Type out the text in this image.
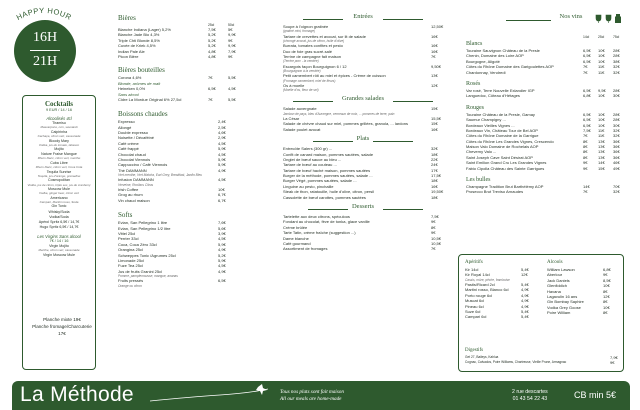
HAPPY HOUR
16H
21H
Cocktails
9 EUR / 14 / 16
Alcoolisés 4cl
Tiramisu
Mascarpone, rum, savoiardi
Caipirinha
Cachaça, citron vert, cassonade
Bloody Mary
Vodka, jus de tomate, tabasco
Mojito
Nature Fraise Mangue
Rhum blanc, citron vert, menthe
Cuba Libre
Rhum blanc, citron vert, Coca Cola
Tequila Sunrise
Tequila, jus d'orange, grenadine
Cosmopolitan
Vodka, jus de citron, triple sec, jus de cranberry
Moscow Mule
Vodka, ginger beer, citron vert
Americano
Campari, Martini rosso, Soda
Gin Tonic
Whisky/Soda
Vodka/Soda
Apérol Spritz 6,5€ / 14,7€
Hugo Spritz 6,5€ / 14,7€
Les Virgins Sans alcool
7€ / 14 / 16
Virgin Mojito
Menthe, citron vert, cassonade
Virgin Moscow Mule
Planche mixte 19€
Planche fromage/Charcuterie
17€
Bières
25cl	50cl
Blanche Indiana (Lager) 5,2%	7,5€	5€
Blanche Jade Bio 4,3%	5,2€	9,9€
Triple Chti Blonde 8,5%	5,2€	9€
Cuvée de Kriek 4,5%	5,2€	9,9€
Indian Pale Ale	4,8€	7,9€
Picon Bière	4,8€	9€
Bières bouteilles
Corona 4,6%	7€	5,5€
Blonde, arômes de malt
Heineken 0,0%	6,5€	4,5€
Sans alcool
Cidre La Mordue Original 6% 27,5cl	7€	5,5€
Boissons chaudes
Expresso	2,4€
Allongé	2,5€
Double expresso	4,6€
Noisette / Décaféiné	2,9€
Café crème	4,5€
Café frappé	5,9€
Chocolat chaud	4,5€
Chocolat Viennois	5,9€
Cappuccino / Café Viennois	5,9€
Thé DAMMANN	4,9€
Vert menthe, Vert Matcha, Earl Grey, Breakfast, Jardin Bleu
Infusion DAMMANN	4,5€
Verveine, Rooibos Citrus
Irish Coffee	10€
Grog au rhum	6,7€
Vin chaud maison	6,7€
Softs
Evian, San Pellegrino 1 litre	7,6€
Evian, San Pellegrino 1/2 litre	5,6€
Vittel 25cl	3,9€
Perrier 33cl	4,5€
Coca, Coca Zéro 33cl	5,9€
Orangina 25cl	4,9€
Schweppes Tonic /Agrumes 25cl	5,2€
Limonade 25cl	5,9€
Fuze Tea 25cl	4,5€
Jus de fruits Granini 25cl	4,9€
Pomme, pamplemousse, mangue, ananas
Fruits pressés	6,5€
Orange ou citron
Entrées
Soupe à l'oignon gratinée	12,50€
(gratiné mini, fromage)
Tartare de crevettes et avocat, sur lit de salade	16€
(chorogé avocat, jus de citron, huile d'olive)
Burrata, tomates confites et pesto	16€
Duo de foie gras sucré-salé	16€
Terrine de campagne fait maison	7€
(Terrine porc - la vendée)
Escargots façon Bourguignon 6 / 12	9,50€
(Bourguignon à la vendée)
Petit camembert rôti au miel et épices - Crème de cuisson	13€
(Fromage camembert, miel de fleurs)
Os à moelle	12€
(Moelle d'os, fleur de sel)
Grandes salades
Salade auvergnate	15€
Jambon de pays, bleu d'Auvergne, cerneaux de noix, ... pommes de terre, pain
La César	15,5€
Salade de chèvre chaud sur miel, pommes grillées, granola, ... lardons	15€
Salade poulet avocat	16€
Plats
Entrecôte Salers (300 gr) ...	32€
Confit de canard maison, pommes sautées, salade	18€
Onglet de bœuf sauce au bleu ...	22€
Tartare de bœuf au couteau ...	24€
Tartare de bœuf haché maison, pommes sautées	17€
Burger de la méthode, pommes sautées, salade ...	17,5€
Burger Végé, pommes sautées, salade ...	18€
Linguine au pesto, pinchaille	16€
Steak de thon, ratatouille, huile d'olive, citron, persil	19,50€
Cassolette de bœuf carottes, pommes sautées	18€
Desserts
Tartelette aux deux citrons, spéculoos	7,5€
Fondant au chocolat, fève de tonka, glace vanille	9€
Crème brûlée	8€
Tarte Tatin, crème fraîche (suggestion ...)	9€
Dame blanche	10,5€
Café gourmand	10,5€
Assortiment de fromages	7€
Nos vins
14cl	25cl	75cl
Blancs
Touraine Sauvignon Château de la Presle	6,5€ 10€ 28€
Chenin, Domaine des Loire AOP	6,5€ 10€ 28€
Bourgogne, Aligoté	6,5€ 10€ 38€
Côtes du Rhône Domaine des Garigoulettes AOP	7€	11€ 32€
Chardonnay, Vendredi	7€	11€ 32€
Rosés
Var rosé, Terre Nouvelle Exlandier IGP	6,5€ 9,5€ 28€
Languedoc, Côteau d'Hétages	6,8€ 10€ 30€
Rouges
Touraine Château de la Presle, Gamay	6,5€ 10€ 28€
Saumur Champigny ...	6,5€ 10€ 28€
Bordeaux Vieilles Vignes ...	6,5€ 10€ 30€
Bordeaux Vin, Château Tour de Bel AOP	7,5€ 11€ 32€
Côtes du Rhône Domaine de la Garrigue	7€	11€ 32€
Côtes du Rhône Les Grandes Vignes, Crescendo	8€	13€ 36€
Maison Valo Domaine de Rochelais AOP	8€	13€ 36€
Cheverny Valo ...	8€	13€ 36€
Saint Joseph Cave Saint Désirat AOP	8€	13€ 36€
Saint Emilion Grand Cru Les Grandes Vignes	9€	14€ 46€
Fabio Cipolla Château des Sainte Garrigues	9€	15€ 49€
Les bulles
Champagne Tradition Brut Barthélémy AOP	14€	70€
Prosecco Brut Treviso Arnaudes	7€	32€
Apéritifs
Kir 14cl	5,4€
Kir Royal 14cl	12€
Cassis, mûre, pêche, framboise
Pastis/Ricard 2cl	5,4€
Martini rosso, Bianco 6cl	4,9€
Porto rouge 6cl	4,9€
Muscat 6cl	4,9€
Pineau 6cl	4,9€
Suze 6cl	5,4€
Campari 6cl	5,4€
Alcools
William Lawson	6,8€
Aberlour	9€
Jack Daniels	8,5€
Glenfiddich	10€
Havana	8€
Lagavulin 16 ans	12€
Gin Bombay Saphire	8€
Vodka Grey Goose	10€
Poire William	8€
Digestifs
Get 27, Baileys, Kahlua	7,9€
Cognac, Calvados, Poire Williams, Chartreuse, Vieille Prune, Armagnac	9€
La Méthode	Tous nos plats sont fait maison
All our meals are home-made
2 rue descartes
01 43 54 22 43	CB min 5€
